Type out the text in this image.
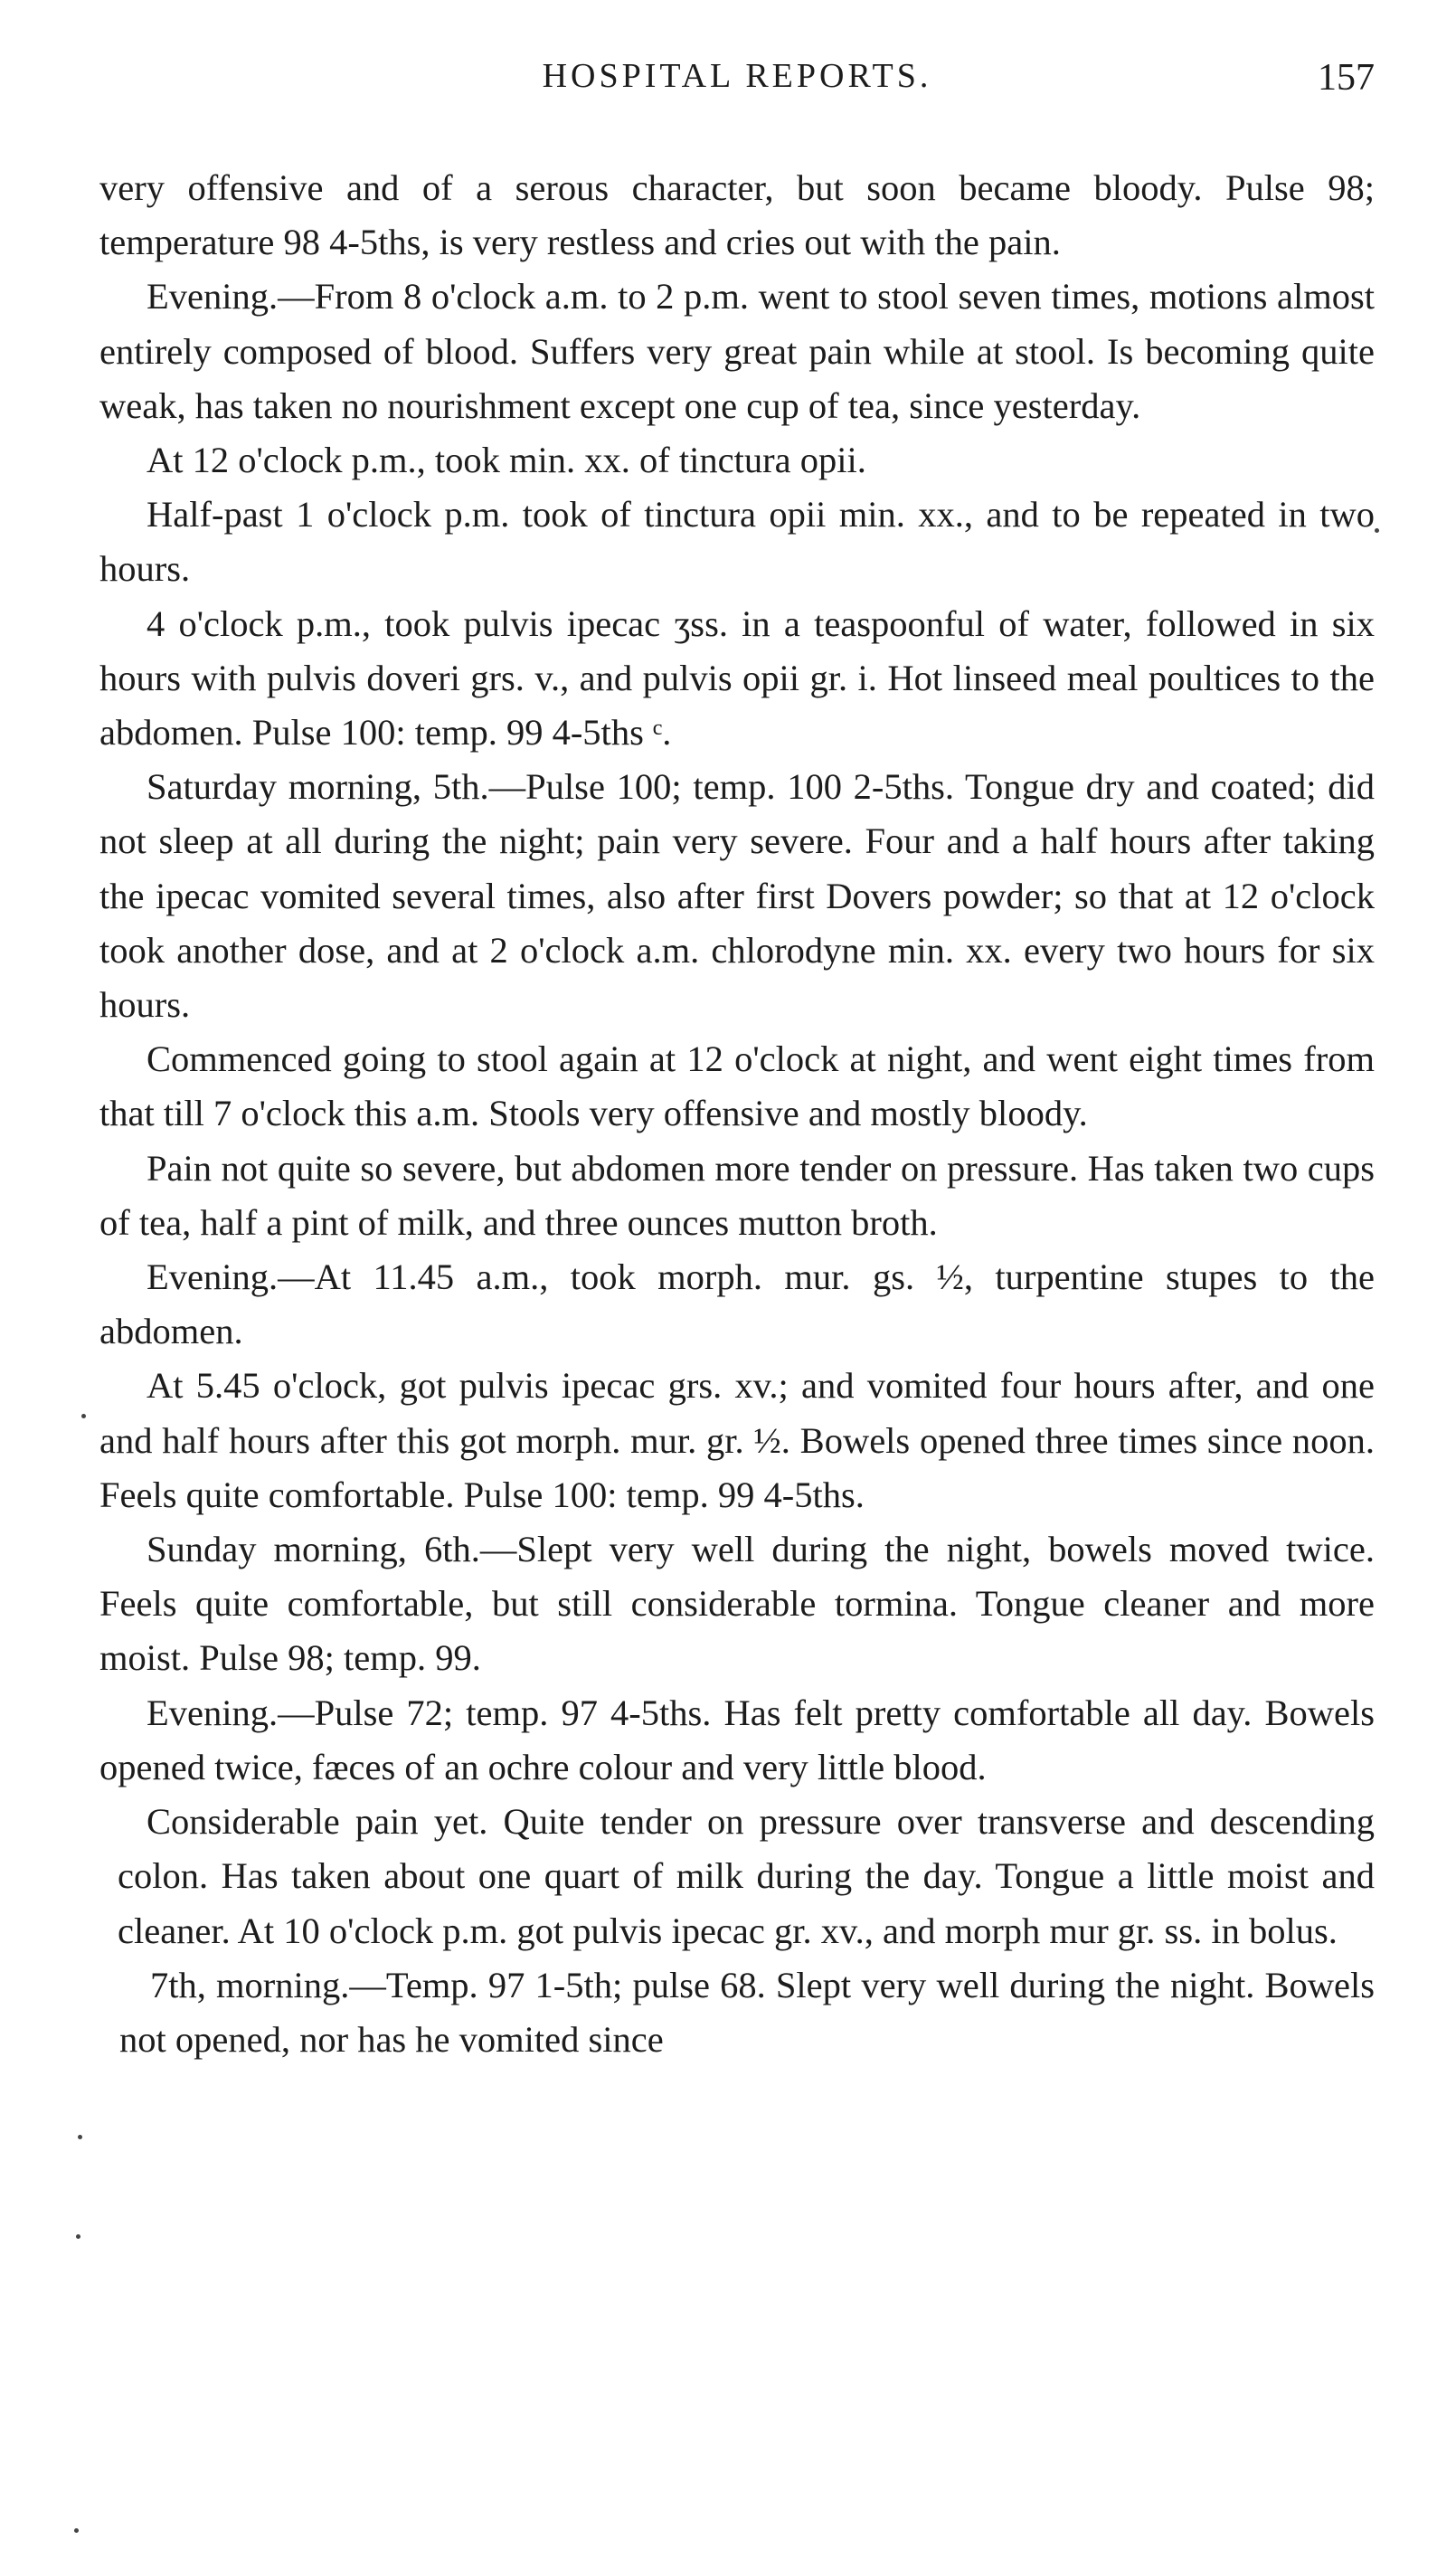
HOSPITAL REPORTS.	157

very offensive and of a serous character, but soon became bloody. Pulse 98; temperature 98 4-5ths, is very restless and cries out with the pain.

Evening.—From 8 o'clock a.m. to 2 p.m. went to stool seven times, motions almost entirely composed of blood. Suffers very great pain while at stool. Is becoming quite weak, has taken no nourishment except one cup of tea, since yesterday.

At 12 o'clock p.m., took min. xx. of tinctura opii.

Half-past 1 o'clock p.m. took of tinctura opii min. xx., and to be repeated in two hours.

4 o'clock p.m., took pulvis ipecac ʒss. in a teaspoonful of water, followed in six hours with pulvis doveri grs. v., and pulvis opii gr. i. Hot linseed meal poultices to the abdomen. Pulse 100: temp. 99 4-5ths ᶜ.

Saturday morning, 5th.—Pulse 100; temp. 100 2-5ths. Tongue dry and coated; did not sleep at all during the night; pain very severe. Four and a half hours after taking the ipecac vomited several times, also after first Dovers powder; so that at 12 o'clock took another dose, and at 2 o'clock a.m. chlorodyne min. xx. every two hours for six hours.

Commenced going to stool again at 12 o'clock at night, and went eight times from that till 7 o'clock this a.m. Stools very offensive and mostly bloody.

Pain not quite so severe, but abdomen more tender on pressure. Has taken two cups of tea, half a pint of milk, and three ounces mutton broth.

Evening.—At 11.45 a.m., took morph. mur. gs. ½, turpentine stupes to the abdomen.

At 5.45 o'clock, got pulvis ipecac grs. xv.; and vomited four hours after, and one and half hours after this got morph. mur. gr. ½. Bowels opened three times since noon. Feels quite comfortable. Pulse 100: temp. 99 4-5ths.

Sunday morning, 6th.—Slept very well during the night, bowels moved twice. Feels quite comfortable, but still considerable tormina. Tongue cleaner and more moist. Pulse 98; temp. 99.

Evening.—Pulse 72; temp. 97 4-5ths. Has felt pretty comfortable all day. Bowels opened twice, fæces of an ochre colour and very little blood.

Considerable pain yet. Quite tender on pressure over transverse and descending colon. Has taken about one quart of milk during the day. Tongue a little moist and cleaner. At 10 o'clock p.m. got pulvis ipecac gr. xv., and morph mur gr. ss. in bolus.

7th, morning.—Temp. 97 1-5th; pulse 68. Slept very well during the night. Bowels not opened, nor has he vomited since
